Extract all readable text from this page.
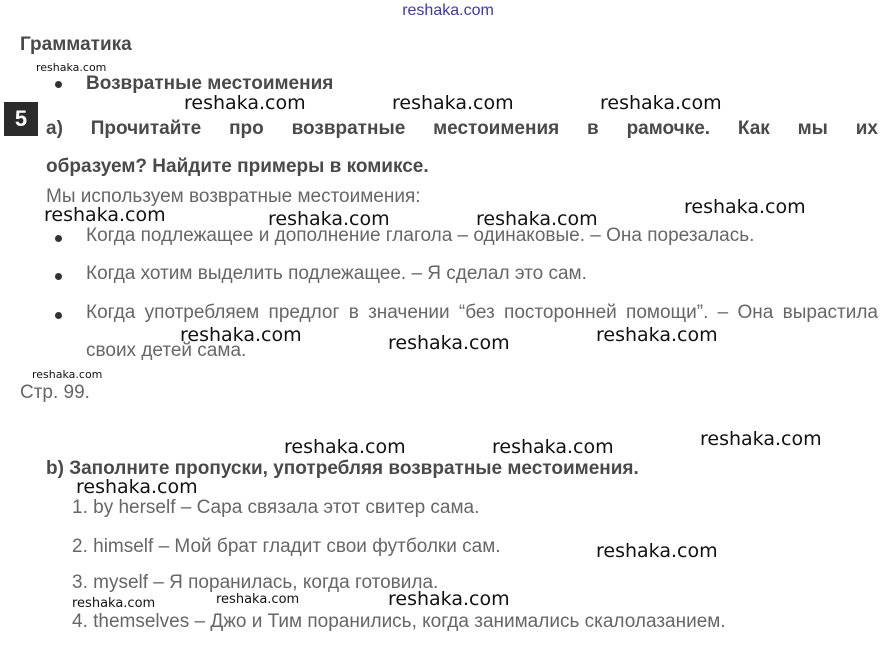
reshaka.com
Грамматика
Возвратные местоимения
5 a) Прочитайте про возвратные местоимения в рамочке. Как мы их
образуем? Найдите примеры в комиксе.
Мы используем возвратные местоимения:
Когда подлежащее и дополнение глагола – одинаковые. – Она порезалась.
Когда хотим выделить подлежащее. – Я сделал это сам.
Когда употребляем предлог в значении “без посторонней помощи”. – Она вырастила своих детей сама.
Стр. 99.
b) Заполните пропуски, употребляя возвратные местоимения.
1. by herself – Сара связала этот свитер сама.
2. himself – Мой брат гладит свои футболки сам.
3. myself – Я поранилась, когда готовила.
4. themselves – Джо и Тим поранились, когда занимались скалолазанием.
reshaka.com
reshaka.com	reshaka.com	reshaka.com
reshaka.com
reshaka.com	reshaka.com	reshaka.com
reshaka.com	reshaka.com
reshaka.com
reshaka.com
reshaka.com
reshaka.com	reshaka.com
reshaka.com
reshaka.com
reshaka.com	reshaka.com	reshaka.com
